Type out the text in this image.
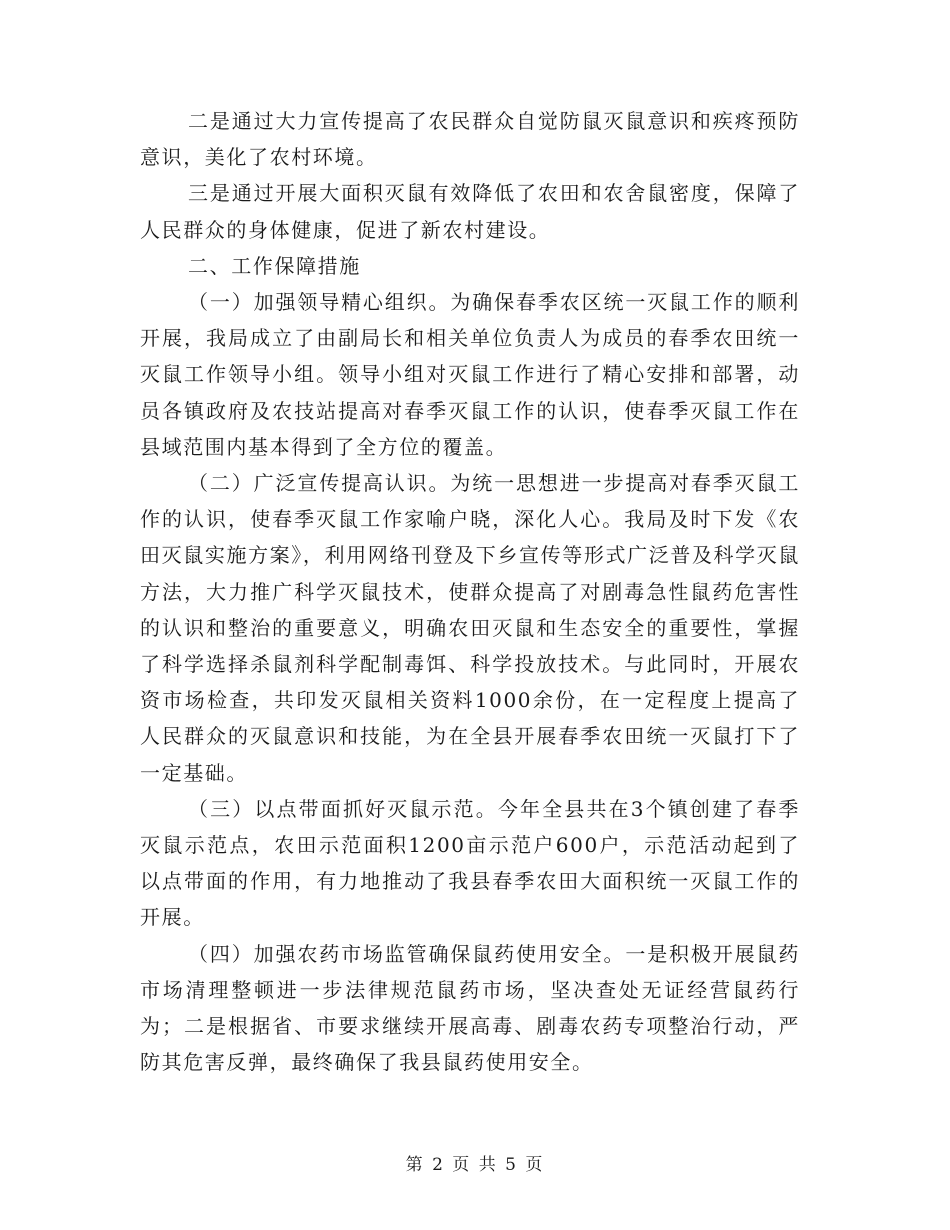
二是通过大力宣传提高了农民群众自觉防鼠灭鼠意识和疾疼预防意识，美化了农村环境。

三是通过开展大面积灭鼠有效降低了农田和农舍鼠密度，保障了人民群众的身体健康，促进了新农村建设。

二、工作保障措施

（一）加强领导精心组织。为确保春季农区统一灭鼠工作的顺利开展，我局成立了由副局长和相关单位负责人为成员的春季农田统一灭鼠工作领导小组。领导小组对灭鼠工作进行了精心安排和部署，动员各镇政府及农技站提高对春季灭鼠工作的认识，使春季灭鼠工作在县域范围内基本得到了全方位的覆盖。

（二）广泛宣传提高认识。为统一思想进一步提高对春季灭鼠工作的认识，使春季灭鼠工作家喻户晓，深化人心。我局及时下发《农田灭鼠实施方案》，利用网络刊登及下乡宣传等形式广泛普及科学灭鼠方法，大力推广科学灭鼠技术，使群众提高了对剧毒急性鼠药危害性的认识和整治的重要意义，明确农田灭鼠和生态安全的重要性，掌握了科学选择杀鼠剂科学配制毒饵、科学投放技术。与此同时，开展农资市场检查，共印发灭鼠相关资料1000余份，在一定程度上提高了人民群众的灭鼠意识和技能，为在全县开展春季农田统一灭鼠打下了一定基础。

（三）以点带面抓好灭鼠示范。今年全县共在3个镇创建了春季灭鼠示范点，农田示范面积1200亩示范户600户，示范活动起到了以点带面的作用，有力地推动了我县春季农田大面积统一灭鼠工作的开展。

（四）加强农药市场监管确保鼠药使用安全。一是积极开展鼠药市场清理整顿进一步法律规范鼠药市场，坚决查处无证经营鼠药行为；二是根据省、市要求继续开展高毒、剧毒农药专项整治行动，严防其危害反弹，最终确保了我县鼠药使用安全。

第 2 页 共 5 页
